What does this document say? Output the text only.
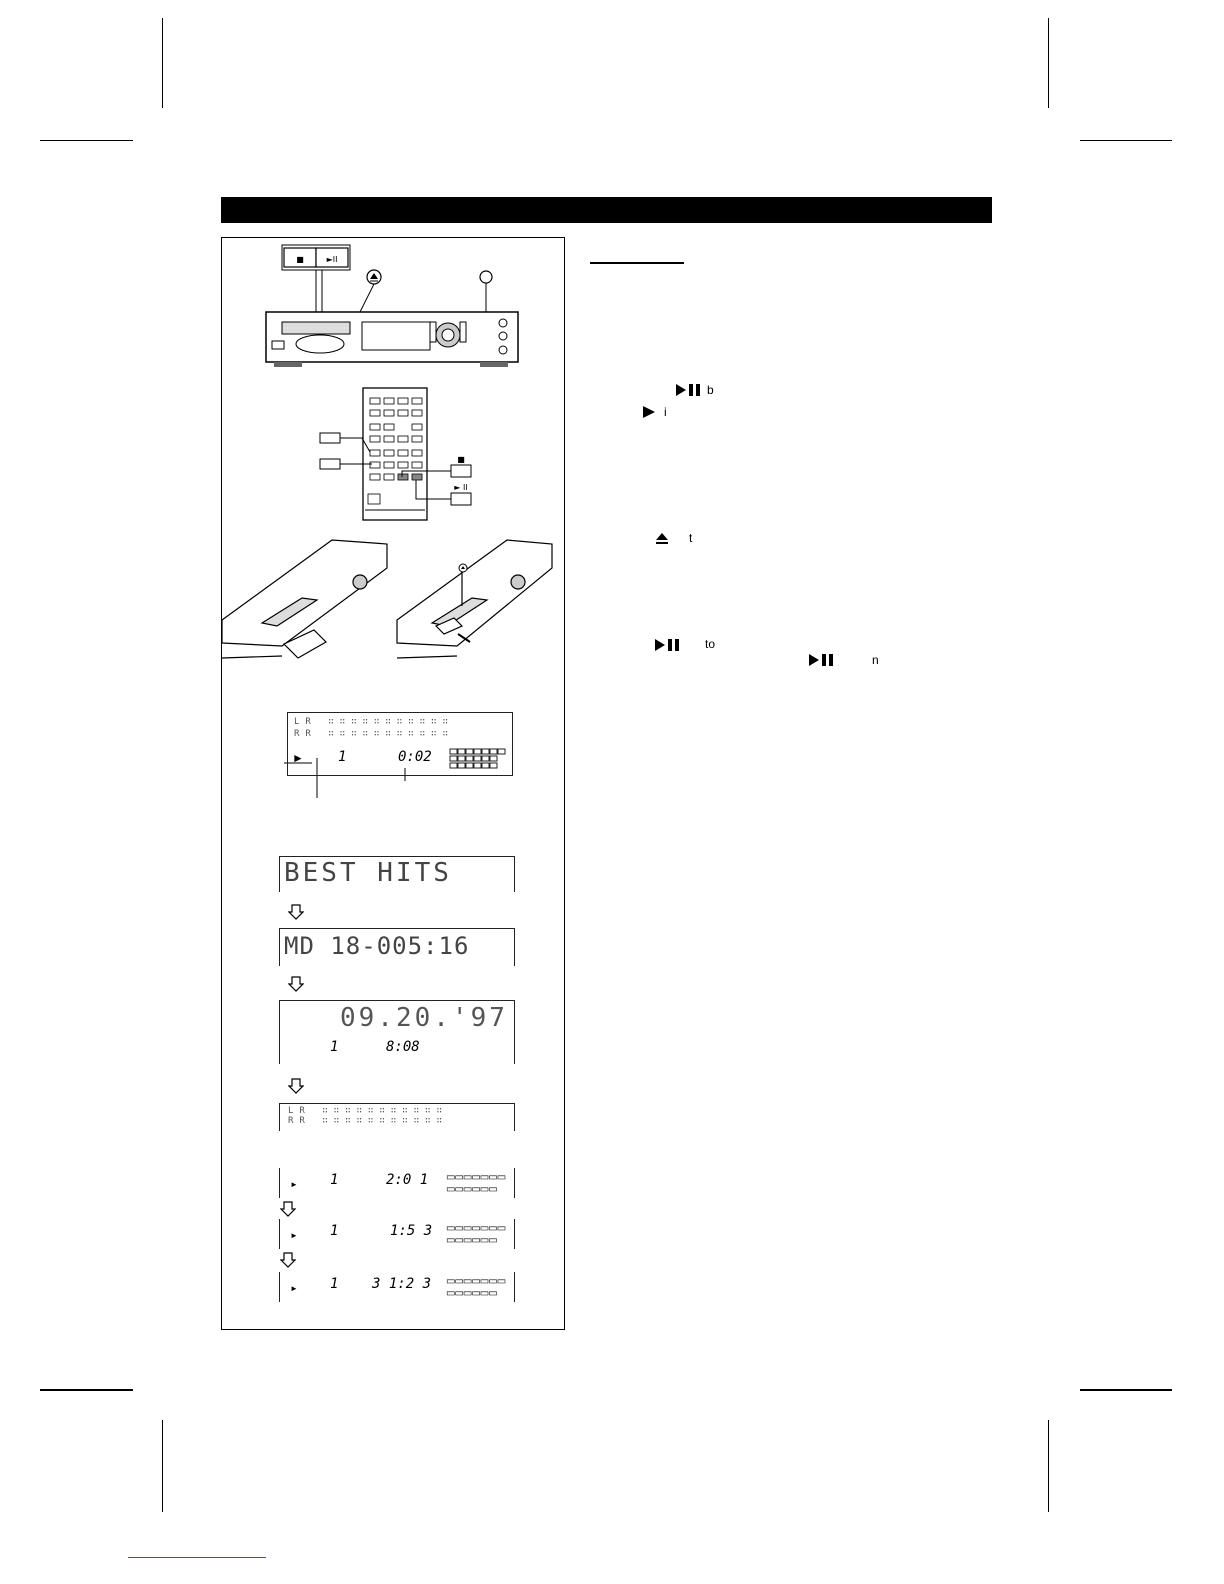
■	►II
■
► II
LR ∷∷∷∷∷∷∷∷∷∷∷
RR ∷∷∷∷∷∷∷∷∷∷∷
► 1	0:02
BEST HITS
MD 18-005:16
09.20.'97
1	8:08
LR ∷∷∷∷∷∷∷∷∷∷∷
RR ∷∷∷∷∷∷∷∷∷∷∷
► 1	2:0 1 ▭▭▭▭▭▭▭
▭▭▭▭▭▭
► 1	1:5 3 ▭▭▭▭▭▭▭
▭▭▭▭▭▭
► 1 3 1:2 3 ▭▭▭▭▭▭▭
▭▭▭▭▭▭
b
i
t
to
n
